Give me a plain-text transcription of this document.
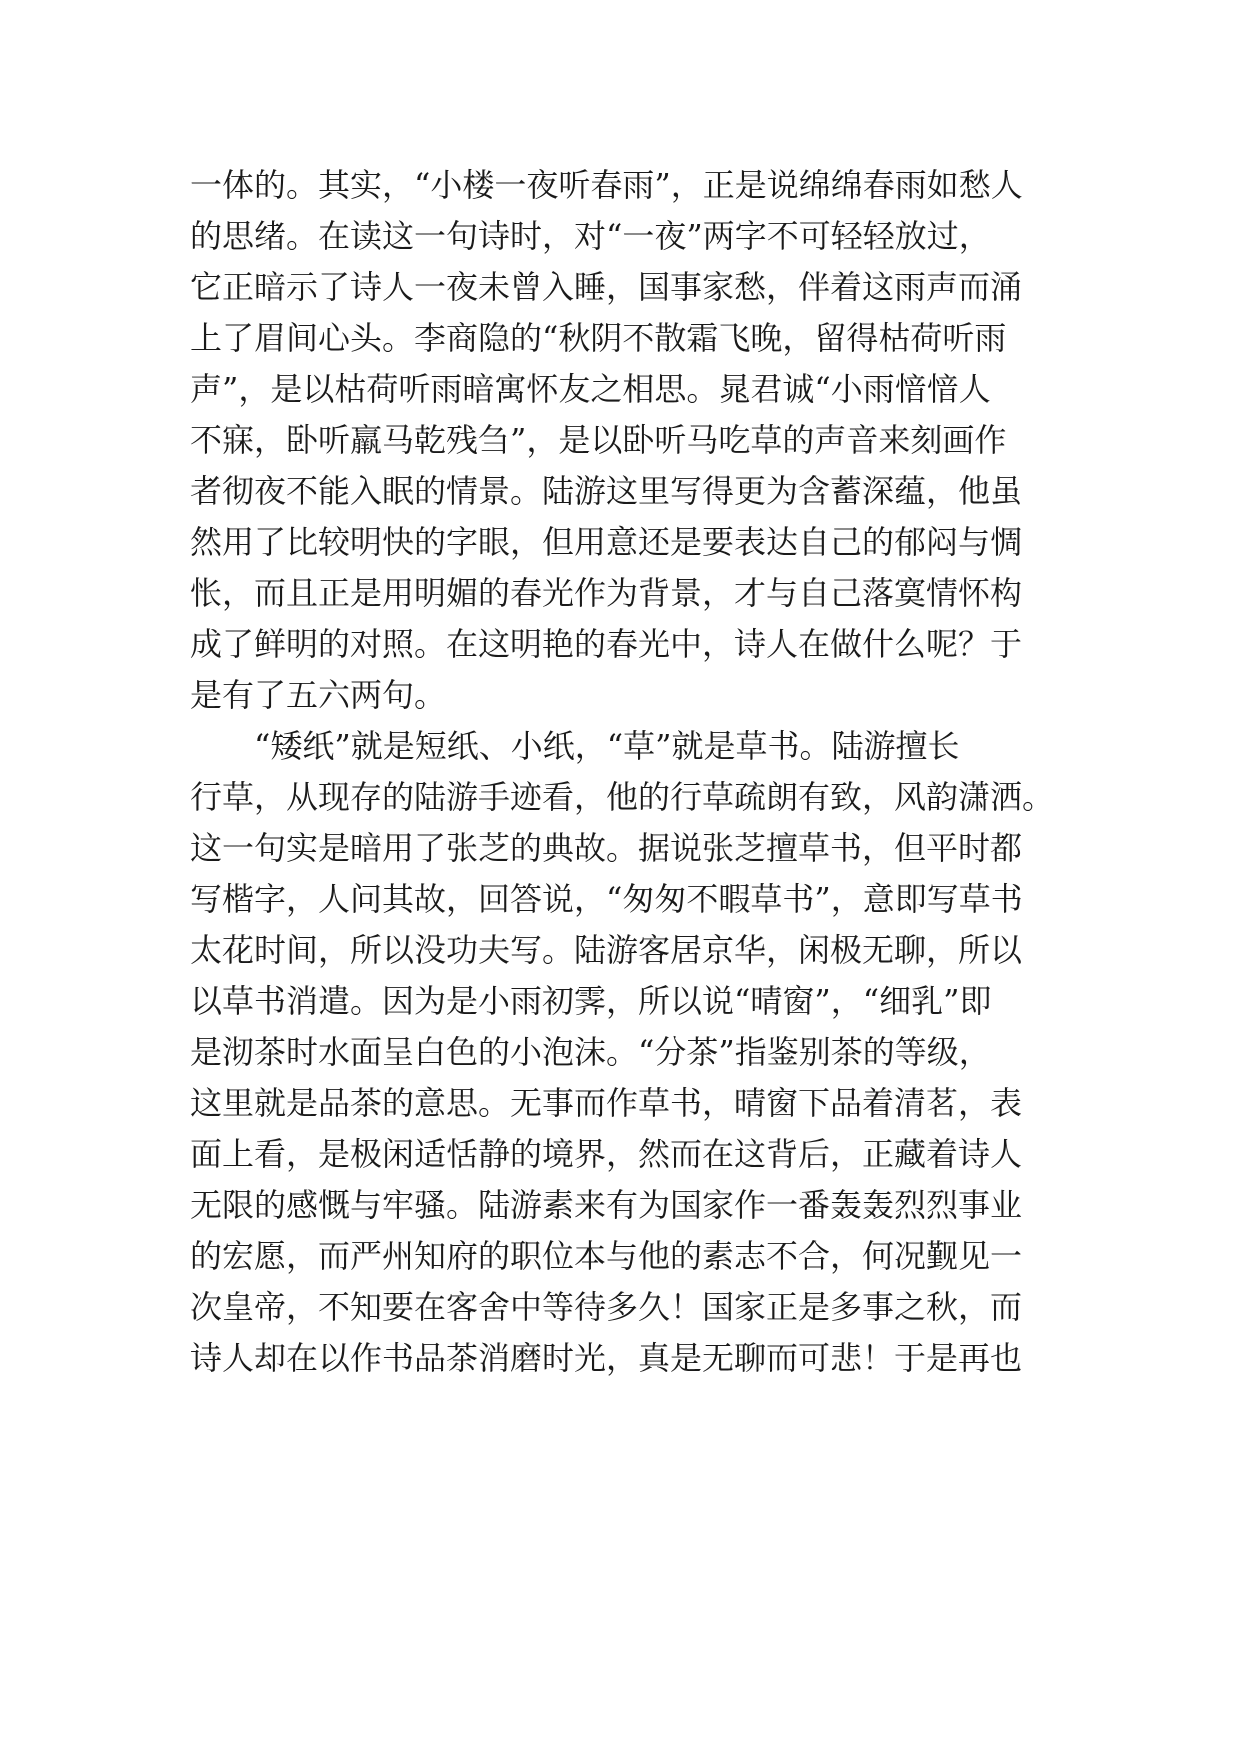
一体的。其实，“小楼一夜听春雨”，正是说绵绵春雨如愁人
的思绪。在读这一句诗时，对“一夜”两字不可轻轻放过，
它正暗示了诗人一夜未曾入睡，国事家愁，伴着这雨声而涌
上了眉间心头。李商隐的“秋阴不散霜飞晚，留得枯荷听雨
声”，是以枯荷听雨暗寓怀友之相思。晁君诚“小雨愔愔人
不寐，卧听羸马乾残刍”，是以卧听马吃草的声音来刻画作
者彻夜不能入眠的情景。陆游这里写得更为含蓄深蕴，他虽
然用了比较明快的字眼，但用意还是要表达自己的郁闷与惆
怅，而且正是用明媚的春光作为背景，才与自己落寞情怀构
成了鲜明的对照。在这明艳的春光中，诗人在做什么呢？于
是有了五六两句。
“矮纸”就是短纸、小纸，“草”就是草书。陆游擅长
行草，从现存的陆游手迹看，他的行草疏朗有致，风韵潇洒。
这一句实是暗用了张芝的典故。据说张芝擅草书，但平时都
写楷字，人问其故，回答说，“匆匆不暇草书”，意即写草书
太花时间，所以没功夫写。陆游客居京华，闲极无聊，所以
以草书消遣。因为是小雨初霁，所以说“晴窗”，“细乳”即
是沏茶时水面呈白色的小泡沫。“分茶”指鉴别茶的等级，
这里就是品茶的意思。无事而作草书，晴窗下品着清茗，表
面上看，是极闲适恬静的境界，然而在这背后，正藏着诗人
无限的感慨与牢骚。陆游素来有为国家作一番轰轰烈烈事业
的宏愿，而严州知府的职位本与他的素志不合，何况觐见一
次皇帝，不知要在客舍中等待多久！国家正是多事之秋，而
诗人却在以作书品茶消磨时光，真是无聊而可悲！于是再也
